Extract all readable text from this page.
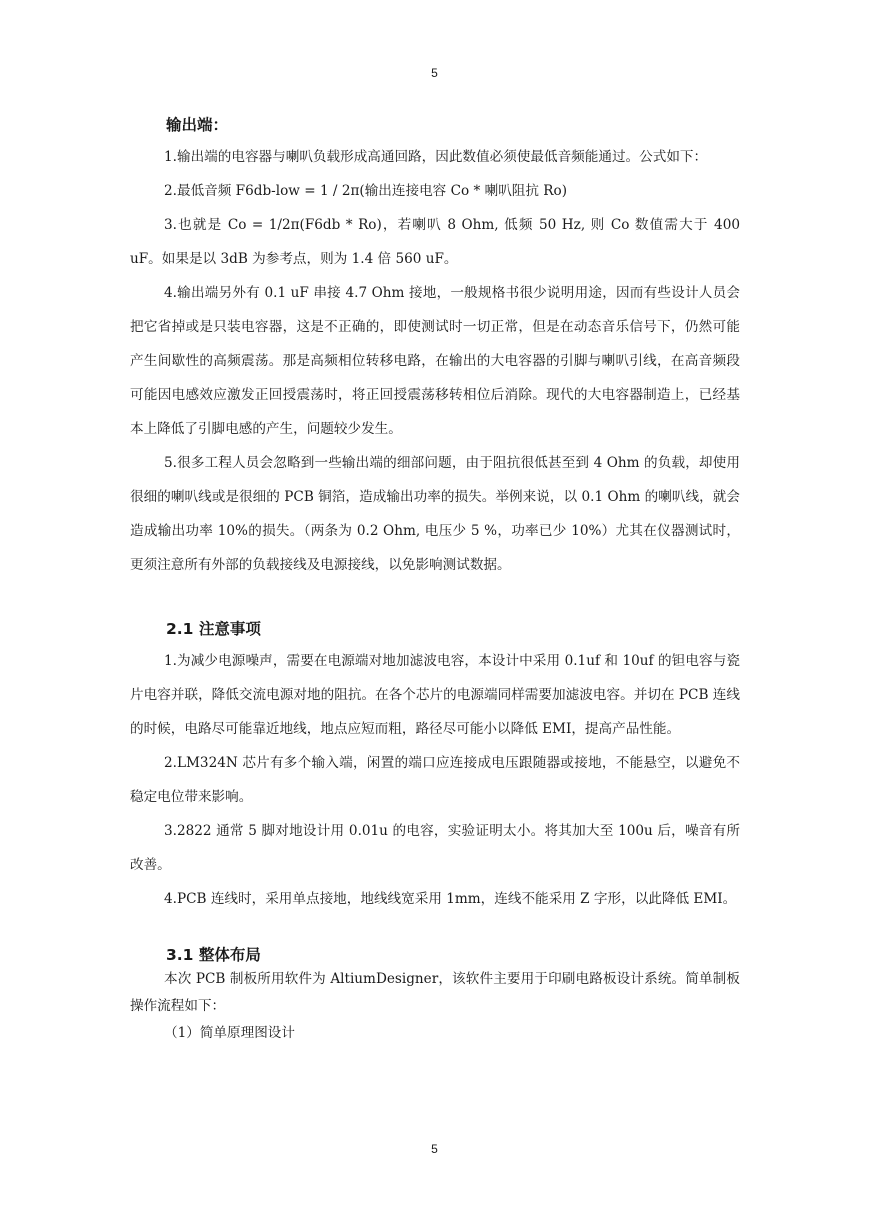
5
输出端：

1.输出端的电容器与喇叭负载形成高通回路，因此数值必须使最低音频能通过。公式如下：

2.最低音频 F6db-low = 1 / 2π(输出连接电容 Co * 喇叭阻抗 Ro)

3.也就是 Co = 1/2π(F6db * Ro)，若喇叭 8 Ohm, 低频 50 Hz, 则 Co 数值需大于 400 uF。如果是以 3dB 为参考点，则为 1.4 倍 560 uF。

4.输出端另外有 0.1 uF 串接 4.7 Ohm 接地，一般规格书很少说明用途，因而有些设计人员会把它省掉或是只装电容器，这是不正确的，即使测试时一切正常，但是在动态音乐信号下，仍然可能产生间歇性的高频震荡。那是高频相位转移电路，在输出的大电容器的引脚与喇叭引线，在高音频段可能因电感效应激发正回授震荡时，将正回授震荡移转相位后消除。现代的大电容器制造上，已经基本上降低了引脚电感的产生，问题较少发生。

5.很多工程人员会忽略到一些输出端的细部问题，由于阻抗很低甚至到 4 Ohm 的负载，却使用很细的喇叭线或是很细的 PCB 铜箔，造成输出功率的损失。举例来说，以 0.1 Ohm 的喇叭线，就会造成输出功率 10%的损失。（两条为 0.2 Ohm, 电压少 5 %，功率已少 10%）尤其在仪器测试时，更须注意所有外部的负载接线及电源接线，以免影响测试数据。

2.1 注意事项

1.为减少电源噪声，需要在电源端对地加滤波电容，本设计中采用 0.1uf 和 10uf 的钽电容与瓷片电容并联，降低交流电源对地的阻抗。在各个芯片的电源端同样需要加滤波电容。并切在 PCB 连线的时候，电路尽可能靠近地线，地点应短而粗，路径尽可能小以降低 EMI，提高产品性能。

2.LM324N 芯片有多个输入端，闲置的端口应连接成电压跟随器或接地，不能悬空，以避免不稳定电位带来影响。

3.2822 通常 5 脚对地设计用 0.01u 的电容，实验证明太小。将其加大至 100u 后，噪音有所改善。

4.PCB 连线时，采用单点接地，地线线宽采用 1mm，连线不能采用 Z 字形，以此降低 EMI。

3.1 整体布局

本次 PCB 制板所用软件为 AltiumDesigner，该软件主要用于印刷电路板设计系统。简单制板操作流程如下：

（1）简单原理图设计

5
